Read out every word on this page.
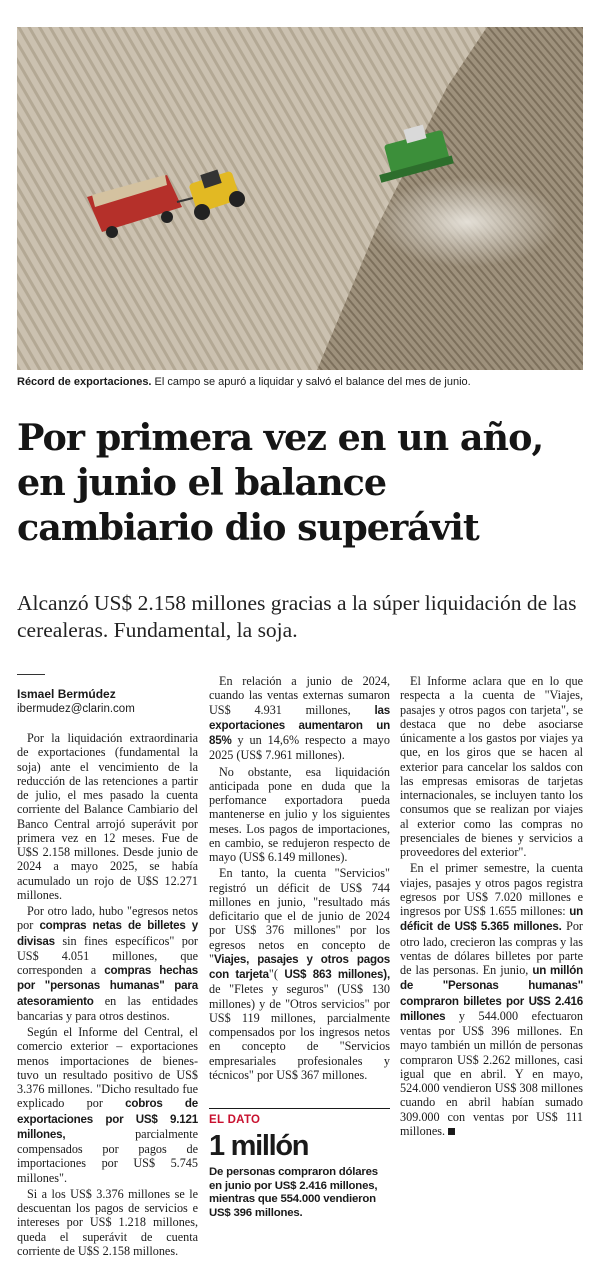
Récord de exportaciones. El campo se apuró a liquidar y salvó el balance del mes de junio.
Por primera vez en un año, en junio el balance cambiario dio superávit

Alcanzó US$ 2.158 millones gracias a la súper liquidación de las cerealeras. Fundamental, la soja.

Ismael Bermúdez
ibermudez@clarin.com

Por la liquidación extraordinaria de exportaciones (fundamental la soja) ante el vencimiento de la reducción de las retenciones a partir de julio, el mes pasado la cuenta corriente del Balance Cambiario del Banco Central arrojó superávit por primera vez en 12 meses. Fue de U$S 2.158 millones. Desde junio de 2024 a mayo 2025, se había acumulado un rojo de U$S 12.271 millones.

Por otro lado, hubo "egresos netos por compras netas de billetes y divisas sin fines específicos" por US$ 4.051 millones, que corresponden a compras hechas por "personas humanas" para atesoramiento en las entidades bancarias y para otros destinos.

Según el Informe del Central, el comercio exterior – exportaciones menos importaciones de bienes- tuvo un resultado positivo de US$ 3.376 millones. "Dicho resultado fue explicado por cobros de exportaciones por US$ 9.121 millones, parcialmente compensados por pagos de importaciones por US$ 5.745 millones".

Si a los US$ 3.376 millones se le descuentan los pagos de servicios e intereses por US$ 1.218 millones, queda el superávit de cuenta corriente de U$S 2.158 millones.

En relación a junio de 2024, cuando las ventas externas sumaron US$ 4.931 millones, las exportaciones aumentaron un 85% y un 14,6% respecto a mayo 2025 (US$ 7.961 millones).

No obstante, esa liquidación anticipada pone en duda que la perfomance exportadora pueda mantenerse en julio y los siguientes meses. Los pagos de importaciones, en cambio, se redujeron respecto de mayo (US$ 6.149 millones).

En tanto, la cuenta "Servicios" registró un déficit de US$ 744 millones en junio, "resultado más deficitario que el de junio de 2024 por US$ 376 millones" por los egresos netos en concepto de "Viajes, pasajes y otros pagos con tarjeta"( US$ 863 millones), de "Fletes y seguros" (US$ 130 millones) y de "Otros servicios" por US$ 119 millones, parcialmente compensados por los ingresos netos en concepto de "Servicios empresariales profesionales y técnicos" por US$ 367 millones.

EL DATO
1 millón
De personas compraron dólares en junio por US$ 2.416 millones, mientras que 554.000 vendieron US$ 396 millones.

El Informe aclara que en lo que respecta a la cuenta de "Viajes, pasajes y otros pagos con tarjeta", se destaca que no debe asociarse únicamente a los gastos por viajes ya que, en los giros que se hacen al exterior para cancelar los saldos con las empresas emisoras de tarjetas internacionales, se incluyen tanto los consumos que se realizan por viajes al exterior como las compras no presenciales de bienes y servicios a proveedores del exterior".

En el primer semestre, la cuenta viajes, pasajes y otros pagos registra egresos por US$ 7.020 millones e ingresos por US$ 1.655 millones: un déficit de US$ 5.365 millones. Por otro lado, crecieron las compras y las ventas de dólares billetes por parte de las personas. En junio, un millón de "Personas humanas" compraron billetes por U$S 2.416 millones y 544.000 efectuaron ventas por US$ 396 millones. En mayo también un millón de personas compraron US$ 2.262 millones, casi igual que en abril. Y en mayo, 524.000 vendieron US$ 308 millones cuando en abril habían sumado 309.000 con ventas por US$ 111 millones.
